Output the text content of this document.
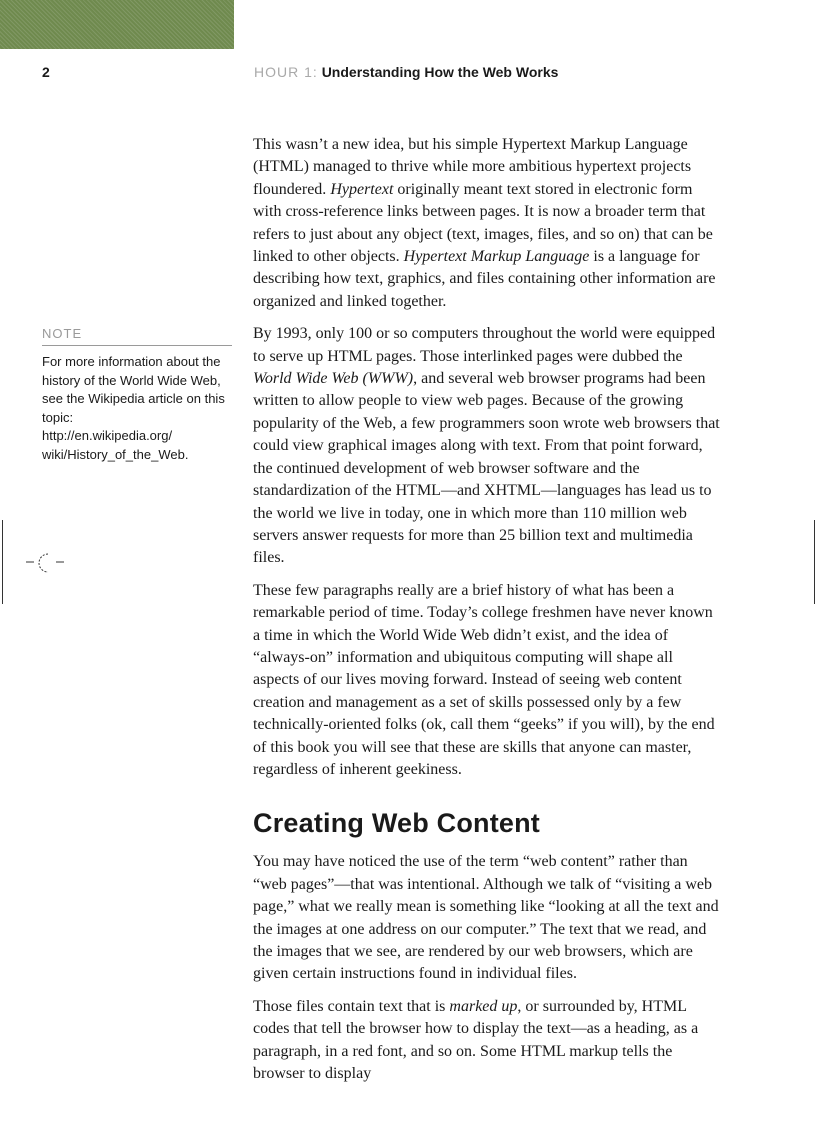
2	HOUR 1: Understanding How the Web Works
NOTE
For more information about the history of the World Wide Web, see the Wikipedia article on this topic:
http://en.wikipedia.org/
wiki/History_of_the_Web.

This wasn’t a new idea, but his simple Hypertext Markup Language (HTML) managed to thrive while more ambitious hypertext projects floundered. Hypertext originally meant text stored in electronic form with cross-reference links between pages. It is now a broader term that refers to just about any object (text, images, files, and so on) that can be linked to other objects. Hypertext Markup Language is a language for describing how text, graphics, and files containing other information are organized and linked together.

By 1993, only 100 or so computers throughout the world were equipped to serve up HTML pages. Those interlinked pages were dubbed the World Wide Web (WWW), and several web browser programs had been written to allow people to view web pages. Because of the growing popularity of the Web, a few programmers soon wrote web browsers that could view graphical images along with text. From that point forward, the continued development of web browser software and the standardization of the HTML—and XHTML—languages has lead us to the world we live in today, one in which more than 110 million web servers answer requests for more than 25 billion text and multimedia files.

These few paragraphs really are a brief history of what has been a remarkable period of time. Today’s college freshmen have never known a time in which the World Wide Web didn’t exist, and the idea of “always-on” information and ubiquitous computing will shape all aspects of our lives moving forward. Instead of seeing web content creation and management as a set of skills possessed only by a few technically-oriented folks (ok, call them “geeks” if you will), by the end of this book you will see that these are skills that anyone can master, regardless of inherent geekiness.

Creating Web Content

You may have noticed the use of the term “web content” rather than “web pages”—that was intentional. Although we talk of “visiting a web page,” what we really mean is something like “looking at all the text and the images at one address on our computer.” The text that we read, and the images that we see, are rendered by our web browsers, which are given certain instructions found in individual files.

Those files contain text that is marked up, or surrounded by, HTML codes that tell the browser how to display the text—as a heading, as a paragraph, in a red font, and so on. Some HTML markup tells the browser to display
